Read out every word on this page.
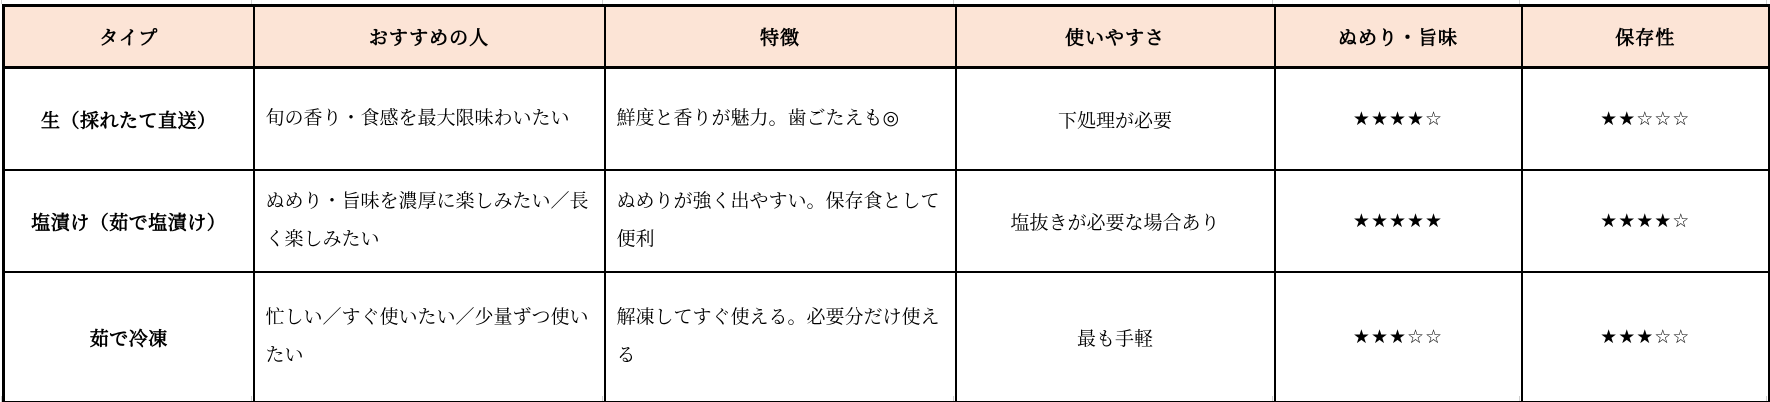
タイプ	おすすめの人	特徴	使いやすさ	ぬめり・旨味	保存性
生（採れたて直送）	旬の香り・食感を最大限味わいたい	鮮度と香りが魅力。歯ごたえも◎	下処理が必要	★★★★☆	★★☆☆☆
塩漬け（茹で塩漬け）	ぬめり・旨味を濃厚に楽しみたい／長く楽しみたい	ぬめりが強く出やすい。保存食として便利	塩抜きが必要な場合あり	★★★★★	★★★★☆
茹で冷凍	忙しい／すぐ使いたい／少量ずつ使いたい	解凍してすぐ使える。必要分だけ使える	最も手軽	★★★☆☆	★★★☆☆
